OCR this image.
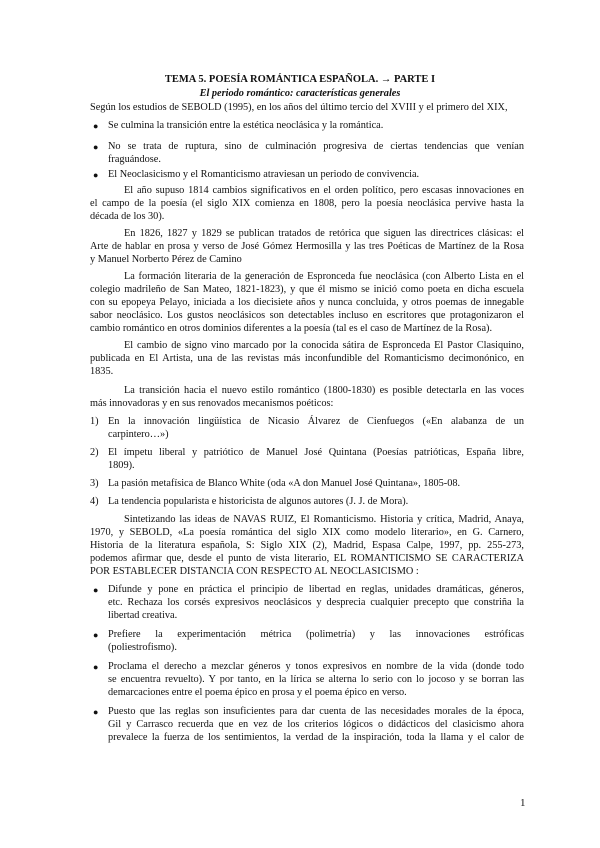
TEMA 5. POESÍA ROMÁNTICA ESPAÑOLA. → PARTE I
El periodo romántico: características generales
Según los estudios de SEBOLD (1995), en los años del último tercio del XVIII y el primero del XIX,
● Se culmina la transición entre la estética neoclásica y la romántica.
● No se trata de ruptura, sino de culminación progresiva de ciertas tendencias que venían
fraguándose.
● El Neoclasicismo y el Romanticismo atraviesan un periodo de convivencia.
El año supuso 1814 cambios significativos en el orden político, pero escasas innovaciones en
el campo de la poesía (el siglo XIX comienza en 1808, pero la poesía neoclásica pervive hasta la
década de los 30).
En 1826, 1827 y 1829 se publican tratados de retórica que siguen las directrices clásicas: el
Arte de hablar en prosa y verso de José Gómez Hermosilla y las tres Poéticas de Martínez de la Rosa
y Manuel Norberto Pérez de Camino
La formación literaria de la generación de Espronceda fue neoclásica (con Alberto Lista en el
colegio madrileño de San Mateo, 1821-1823), y que él mismo se inició como poeta en dicha escuela
con su epopeya Pelayo, iniciada a los diecisiete años y nunca concluida, y otros poemas de innegable
sabor neoclásico. Los gustos neoclásicos son detectables incluso en escritores que protagonizaron el
cambio romántico en otros dominios diferentes a la poesía (tal es el caso de Martínez de la Rosa).
El cambio de signo vino marcado por la conocida sátira de Espronceda El Pastor Clasiquino,
publicada en El Artista, una de las revistas más inconfundible del Romanticismo decimonónico, en
1835.
La transición hacia el nuevo estilo romántico (1800-1830) es posible detectarla en las voces
más innovadoras y en sus renovados mecanismos poéticos:
1) En la innovación lingüística de Nicasio Álvarez de Cienfuegos («En alabanza de un
carpintero…»)
2) El ímpetu liberal y patriótico de Manuel José Quintana (Poesías patrióticas, España libre,
1809).
3) La pasión metafísica de Blanco White (oda «A don Manuel José Quintana», 1805-08.
4) La tendencia popularista e historicista de algunos autores (J. J. de Mora).
Sintetizando las ideas de NAVAS RUIZ, El Romanticismo. Historia y crítica, Madrid, Anaya,
1970, y SEBOLD, «La poesía romántica del siglo XIX como modelo literario», en G. Carnero,
Historia de la literatura española, S: Siglo XIX (2), Madrid, Espasa Calpe, 1997, pp. 255-273,
podemos afirmar que, desde el punto de vista literario, EL ROMANTICISMO SE CARACTERIZA
POR ESTABLECER DISTANCIA CON RESPECTO AL NEOCLASICISMO :
● Difunde y pone en práctica el principio de libertad en reglas, unidades dramáticas, géneros,
etc. Rechaza los corsés expresivos neoclásicos y desprecia cualquier precepto que constriña la
libertad creativa.
● Prefiere la experimentación métrica (polimetría) y las innovaciones estróficas
(poliestrofismo).
● Proclama el derecho a mezclar géneros y tonos expresivos en nombre de la vida (donde todo
se encuentra revuelto). Y por tanto, en la lírica se alterna lo serio con lo jocoso y se borran las
demarcaciones entre el poema épico en prosa y el poema épico en verso.
● Puesto que las reglas son insuficientes para dar cuenta de las necesidades morales de la época,
Gil y Carrasco recuerda que en vez de los criterios lógicos o didácticos del clasicismo ahora
prevalece la fuerza de los sentimientos, la verdad de la inspiración, toda la llama y el calor de
1
